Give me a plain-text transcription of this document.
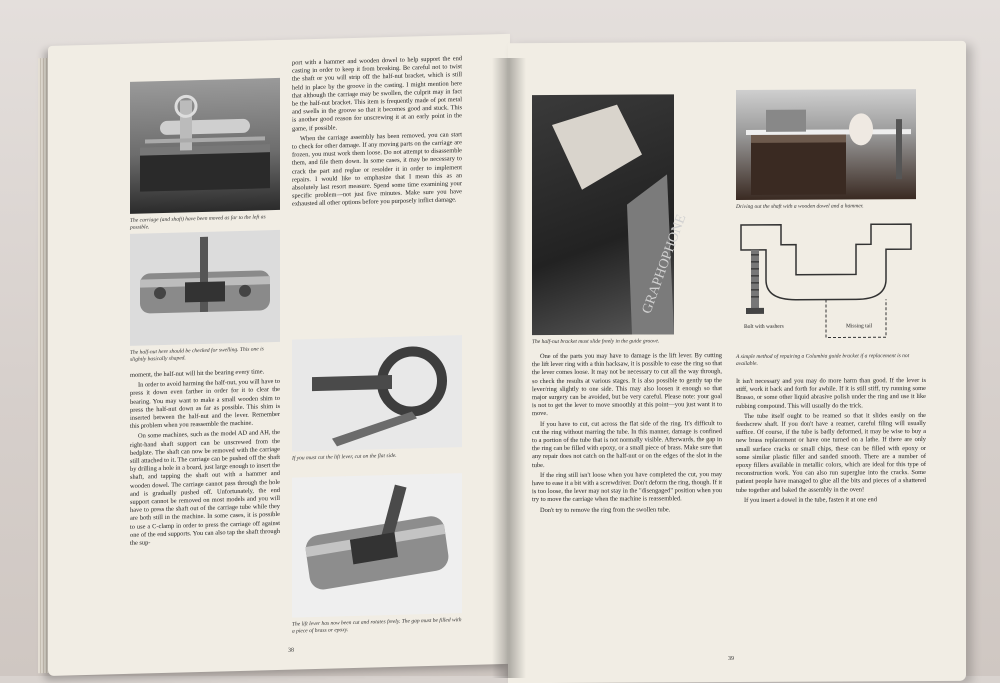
The carriage (and shaft) have been moved as far to the left as possible.
The half-nut here should be checked for swelling. This one is slightly basically shaped.

moment, the half-nut will hit the bearing every time.

In order to avoid harming the half-nut, you will have to press it down even farther in order for it to clear the bearing. You may want to make a small wooden shim to press the half-nut down as far as possible. This shim is inserted between the half-nut and the lever. Remember this problem when you reassemble the machine.

On some machines, such as the model AD and AH, the right-hand shaft support can be unscrewed from the bedplate. The shaft can now be removed with the carriage still attached to it. The carriage can be pushed off the shaft by drilling a hole in a board, just large enough to insert the shaft, and tapping the shaft out with a hammer and wooden dowel. The carriage cannot pass through the hole and is gradually pushed off. Unfortunately, the end support cannot be removed on most models and you will have to press the shaft out of the carriage tube while they are both still in the machine. In some cases, it is possible to use a C-clamp in order to press the carriage off against one of the end supports. You can also tap the shaft through the sup-

port with a hammer and wooden dowel to help support the end casting in order to keep it from breaking. Be careful not to twist the shaft or you will strip off the half-nut bracket, which is still held in place by the groove in the casting. I might mention here that although the carriage may be swollen, the culprit may in fact be the half-nut bracket. This item is frequently made of pot metal and swells in the groove so that it becomes good and stuck. This is another good reason for unscrewing it at an early point in the game, if possible.

When the carriage assembly has been removed, you can start to check for other damage. If any moving parts on the carriage are frozen, you must work them loose. Do not attempt to disassemble them, and file them down. In some cases, it may be necessary to crack the part and reglue or resolder it in order to implement repairs. I would like to emphasize that I mean this as an absolutely last resort measure. Spend some time examining your specific problem—not just five minutes. Make sure you have exhausted all other options before you purposely inflict damage.

If you must cut the lift lever, cut on the flat side.
The lift lever has now been cut and rotates freely. The gap must be filled with a piece of brass or epoxy.
38
GRAPHOPHONE
The half-nut bracket must slide freely in the guide groove.
Driving out the shaft with a wooden dowel and a hammer.
Bolt with washers	Missing tail
A simple method of repairing a Columbia guide bracket if a replacement is not available.

One of the parts you may have to damage is the lift lever. By cutting the lift lever ring with a thin hacksaw, it is possible to ease the ring so that the lever comes loose. It may not be necessary to cut all the way through, so check the results at various stages. It is also possible to gently tap the lever/ring slightly to one side. This may also loosen it enough so that major surgery can be avoided, but be very careful. Please note: your goal is not to get the lever to move smoothly at this point—you just want it to move.

If you have to cut, cut across the flat side of the ring. It's difficult to cut the ring without marring the tube. In this manner, damage is confined to a portion of the tube that is not normally visible. Afterwards, the gap in the ring can be filled with epoxy, or a small piece of brass. Make sure that any repair does not catch on the half-nut or on the edges of the slot in the tube.

If the ring still isn't loose when you have completed the cut, you may have to ease it a bit with a screwdriver. Don't deform the ring, though. If it is too loose, the lever may not stay in the "disengaged" position when you try to move the carriage when the machine is reassembled.

Don't try to remove the ring from the swollen tube.

It isn't necessary and you may do more harm than good. If the lever is stiff, work it back and forth for awhile. If it is still stiff, try running some Brasso, or some other liquid abrasive polish under the ring and use it like rubbing compound. This will usually do the trick.

The tube itself ought to be reamed so that it slides easily on the feedscrew shaft. If you don't have a reamer, careful filing will usually suffice. Of course, if the tube is badly deformed, it may be wise to buy a new brass replacement or have one turned on a lathe. If there are only small surface cracks or small chips, these can be filled with epoxy or some similar plastic filler and sanded smooth. There are a number of epoxy fillers available in metallic colors, which are ideal for this type of reconstruction work. You can also run superglue into the cracks. Some patient people have managed to glue all the bits and pieces of a shattered tube together and baked the assembly in the oven!

If you insert a dowel in the tube, fasten it at one end

39
